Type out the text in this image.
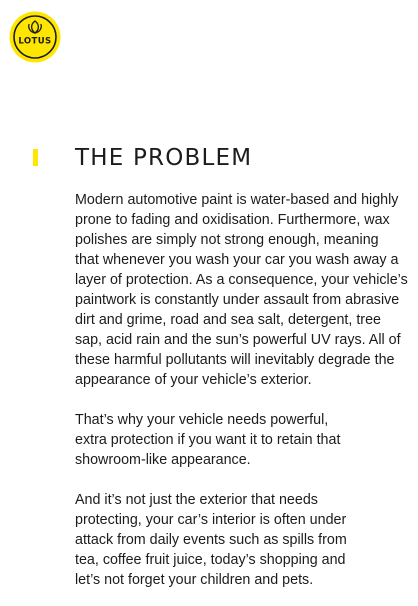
LOTUS
THE PROBLEM

Modern automotive paint is water-based and highly
prone to fading and oxidisation. Furthermore, wax
polishes are simply not strong enough, meaning
that whenever you wash your car you wash away a
layer of protection. As a consequence, your vehicle’s
paintwork is constantly under assault from abrasive
dirt and grime, road and sea salt, detergent, tree
sap, acid rain and the sun’s powerful UV rays. All of
these harmful pollutants will inevitably degrade the
appearance of your vehicle’s exterior.

That’s why your vehicle needs powerful,
extra protection if you want it to retain that
showroom-like appearance.

And it’s not just the exterior that needs
protecting, your car’s interior is often under
attack from daily events such as spills from
tea, coffee fruit juice, today’s shopping and
let’s not forget your children and pets.
